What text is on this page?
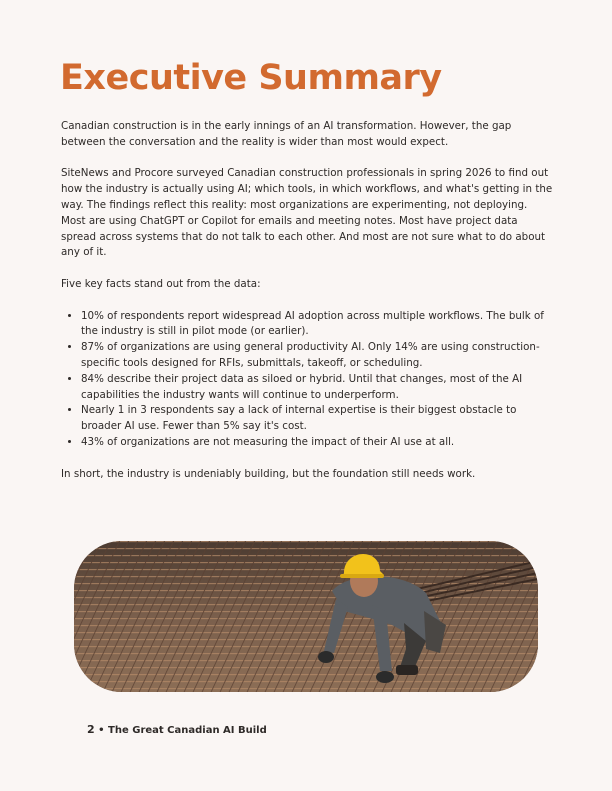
Executive Summary

Canadian construction is in the early innings of an AI transformation. However, the gap between the conversation and the reality is wider than most would expect.

SiteNews and Procore surveyed Canadian construction professionals in spring 2026 to find out how the industry is actually using AI; which tools, in which workflows, and what's getting in the way. The findings reflect this reality: most organizations are experimenting, not deploying. Most are using ChatGPT or Copilot for emails and meeting notes. Most have project data spread across systems that do not talk to each other. And most are not sure what to do about any of it.

Five key facts stand out from the data:

• 10% of respondents report widespread AI adoption across multiple workflows. The bulk of the industry is still in pilot mode (or earlier).
• 87% of organizations are using general productivity AI. Only 14% are using construction-specific tools designed for RFIs, submittals, takeoff, or scheduling.
• 84% describe their project data as siloed or hybrid. Until that changes, most of the AI capabilities the industry wants will continue to underperform.
• Nearly 1 in 3 respondents say a lack of internal expertise is their biggest obstacle to broader AI use. Fewer than 5% say it's cost.
• 43% of organizations are not measuring the impact of their AI use at all.

In short, the industry is undeniably building, but the foundation still needs work.

2 • The Great Canadian AI Build
